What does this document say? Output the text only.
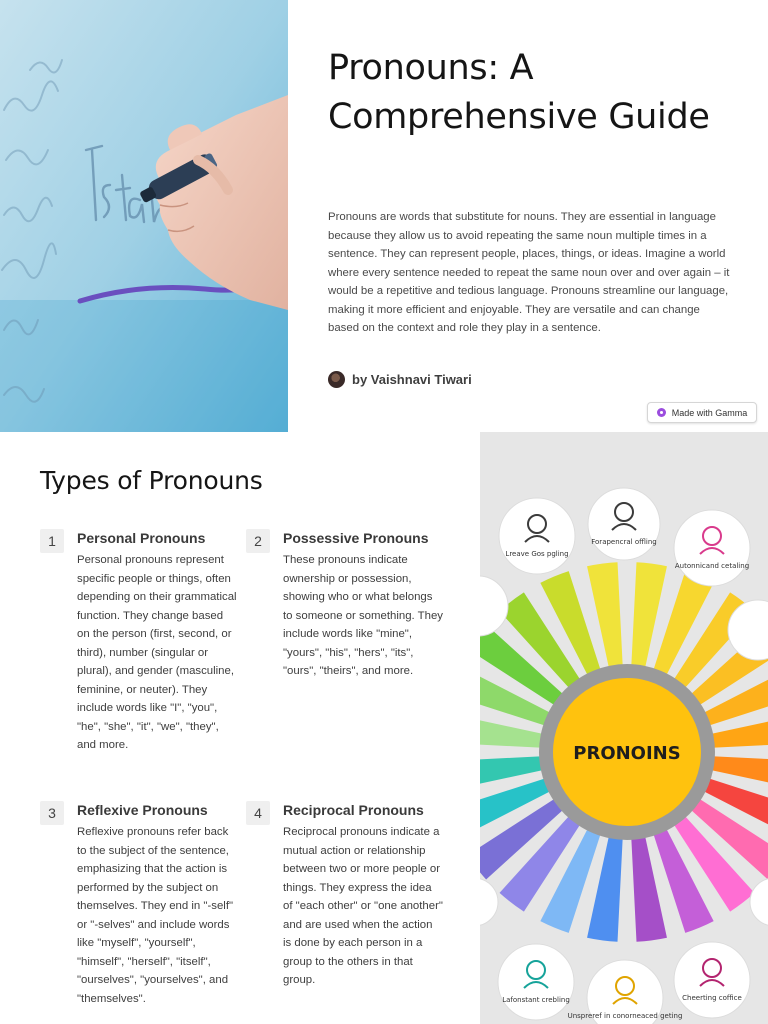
Pronouns: A Comprehensive Guide

Pronouns are words that substitute for nouns. They are essential in language because they allow us to avoid repeating the same noun multiple times in a sentence. They can represent people, places, things, or ideas. Imagine a world where every sentence needed to repeat the same noun over and over again – it would be a repetitive and tedious language. Pronouns streamline our language, making it more efficient and enjoyable. They are versatile and can change based on the context and role they play in a sentence.

by Vaishnavi Tiwari
Made with Gamma
Types of Pronouns
1	Personal Pronouns

Personal pronouns represent specific people or things, often depending on their grammatical function. They change based on the person (first, second, or third), number (singular or plural), and gender (masculine, feminine, or neuter). They include words like "I", "you", "he", "she", "it", "we", "they", and more.

2	Possessive Pronouns

These pronouns indicate ownership or possession, showing who or what belongs to someone or something. They include words like "mine", "yours", "his", "hers", "its", "ours", "theirs", and more.

3	Reflexive Pronouns

Reflexive pronouns refer back to the subject of the sentence, emphasizing that the action is performed by the subject on themselves. They end in "-self" or "-selves" and include words like "myself", "yourself", "himself", "herself", "itself", "ourselves", "yourselves", and "themselves".

4	Reciprocal Pronouns

Reciprocal pronouns indicate a mutual action or relationship between two or more people or things. They express the idea of "each other" or "one another" and are used when the action is done by each person in a group to the others in that group.

PRONOINS
Lreave Gos pgling
Forapencral offling
Autonnicand cetaling
Lafonstant crebling
Unspreref in conorneaced geting
Cheerting coffice
